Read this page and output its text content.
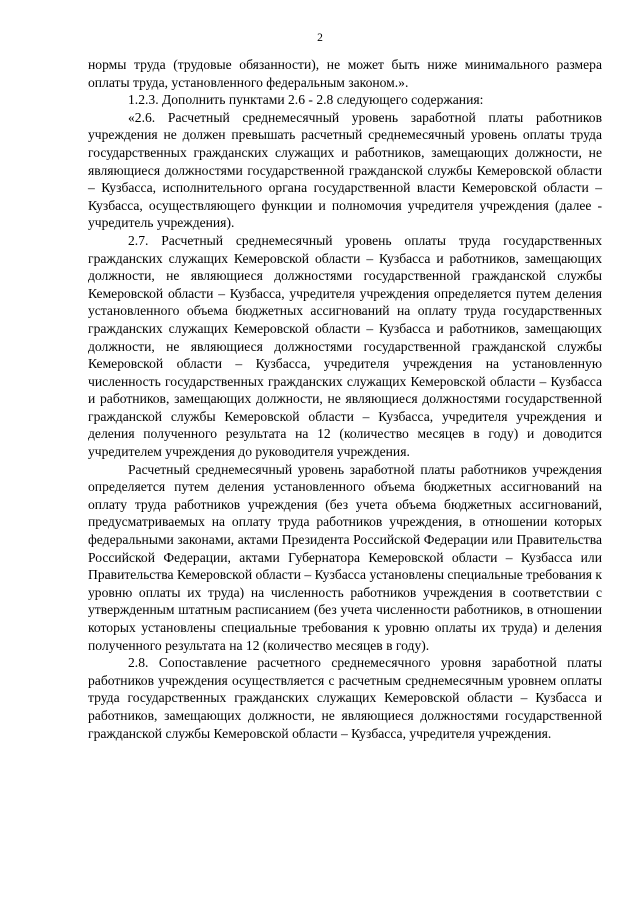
2

нормы труда (трудовые обязанности), не может быть ниже минимального размера оплаты труда, установленного федеральным законом.».

1.2.3. Дополнить пунктами 2.6 - 2.8 следующего содержания:

«2.6. Расчетный среднемесячный уровень заработной платы работников учреждения не должен превышать расчетный среднемесячный уровень оплаты труда государственных гражданских служащих и работников, замещающих должности, не являющиеся должностями государственной гражданской службы Кемеровской области – Кузбасса, исполнительного органа государственной власти Кемеровской области – Кузбасса, осуществляющего функции и полномочия учредителя учреждения (далее - учредитель учреждения).

2.7. Расчетный среднемесячный уровень оплаты труда государственных гражданских служащих Кемеровской области – Кузбасса и работников, замещающих должности, не являющиеся должностями государственной гражданской службы Кемеровской области – Кузбасса, учредителя учреждения определяется путем деления установленного объема бюджетных ассигнований на оплату труда государственных гражданских служащих Кемеровской области – Кузбасса и работников, замещающих должности, не являющиеся должностями государственной гражданской службы Кемеровской области – Кузбасса, учредителя учреждения на установленную численность государственных гражданских служащих Кемеровской области – Кузбасса и работников, замещающих должности, не являющиеся должностями государственной гражданской службы Кемеровской области – Кузбасса, учредителя учреждения и деления полученного результата на 12 (количество месяцев в году) и доводится учредителем учреждения до руководителя учреждения.

Расчетный среднемесячный уровень заработной платы работников учреждения определяется путем деления установленного объема бюджетных ассигнований на оплату труда работников учреждения (без учета объема бюджетных ассигнований, предусматриваемых на оплату труда работников учреждения, в отношении которых федеральными законами, актами Президента Российской Федерации или Правительства Российской Федерации, актами Губернатора Кемеровской области – Кузбасса или Правительства Кемеровской области – Кузбасса установлены специальные требования к уровню оплаты их труда) на численность работников учреждения в соответствии с утвержденным штатным расписанием (без учета численности работников, в отношении которых установлены специальные требования к уровню оплаты их труда) и деления полученного результата на 12 (количество месяцев в году).

2.8. Сопоставление расчетного среднемесячного уровня заработной платы работников учреждения осуществляется с расчетным среднемесячным уровнем оплаты труда государственных гражданских служащих Кемеровской области – Кузбасса и работников, замещающих должности, не являющиеся должностями государственной гражданской службы Кемеровской области – Кузбасса, учредителя учреждения.
